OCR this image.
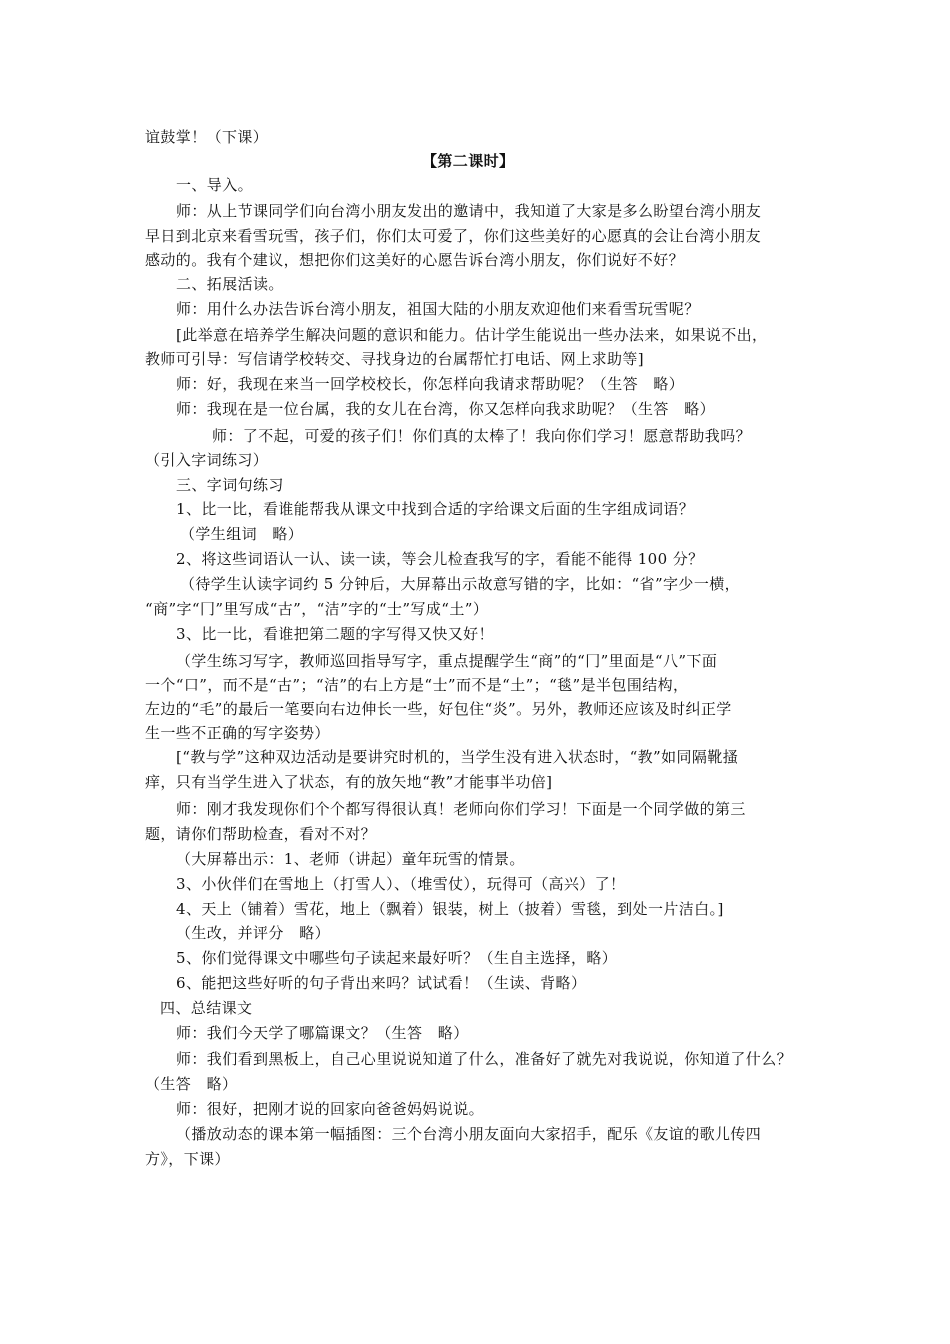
谊鼓掌！（下课）
【第二课时】
一、导入。
师：从上节课同学们向台湾小朋友发出的邀请中，我知道了大家是多么盼望台湾小朋友
早日到北京来看雪玩雪，孩子们，你们太可爱了，你们这些美好的心愿真的会让台湾小朋友
感动的。我有个建议，想把你们这美好的心愿告诉台湾小朋友，你们说好不好？
二、拓展活读。
师：用什么办法告诉台湾小朋友，祖国大陆的小朋友欢迎他们来看雪玩雪呢？
[此举意在培养学生解决问题的意识和能力。估计学生能说出一些办法来，如果说不出，
教师可引导：写信请学校转交、寻找身边的台属帮忙打电话、网上求助等]
师：好，我现在来当一回学校校长，你怎样向我请求帮助呢？（生答　略）
师：我现在是一位台属，我的女儿在台湾，你又怎样向我求助呢？（生答　略）
师：了不起，可爱的孩子们！你们真的太棒了！我向你们学习！愿意帮助我吗？
（引入字词练习）
三、字词句练习
1、比一比，看谁能帮我从课文中找到合适的字给课文后面的生字组成词语？
（学生组词　略）
2、将这些词语认一认、读一读，等会儿检查我写的字，看能不能得 100 分？
（待学生认读字词约 5 分钟后，大屏幕出示故意写错的字，比如：“省”字少一横，
“商”字“冂”里写成“古”，“洁”字的“士”写成“土”）
3、比一比，看谁把第二题的字写得又快又好！
（学生练习写字，教师巡回指导写字，重点提醒学生“商”的“冂”里面是“八”下面
一个“口”，而不是“古”；“洁”的右上方是“士”而不是“土”；“毯”是半包围结构，
左边的“毛”的最后一笔要向右边伸长一些，好包住“炎”。另外，教师还应该及时纠正学
生一些不正确的写字姿势）
[“教与学”这种双边活动是要讲究时机的，当学生没有进入状态时，“教”如同隔靴搔
痒，只有当学生进入了状态，有的放矢地“教”才能事半功倍]
师：刚才我发现你们个个都写得很认真！老师向你们学习！下面是一个同学做的第三
题，请你们帮助检查，看对不对？
（大屏幕出示：1、老师（讲起）童年玩雪的情景。
3、小伙伴们在雪地上（打雪人）、（堆雪仗），玩得可（高兴）了！
4、天上（铺着）雪花，地上（飘着）银装，树上（披着）雪毯，到处一片洁白。]
（生改，并评分　略）
5、你们觉得课文中哪些句子读起来最好听？（生自主选择，略）
6、能把这些好听的句子背出来吗？试试看！（生读、背略）
四、总结课文
师：我们今天学了哪篇课文？（生答　略）
师：我们看到黑板上，自己心里说说知道了什么，准备好了就先对我说说，你知道了什么？
（生答　略）
师：很好，把刚才说的回家向爸爸妈妈说说。
（播放动态的课本第一幅插图：三个台湾小朋友面向大家招手，配乐《友谊的歌儿传四
方》，下课）
